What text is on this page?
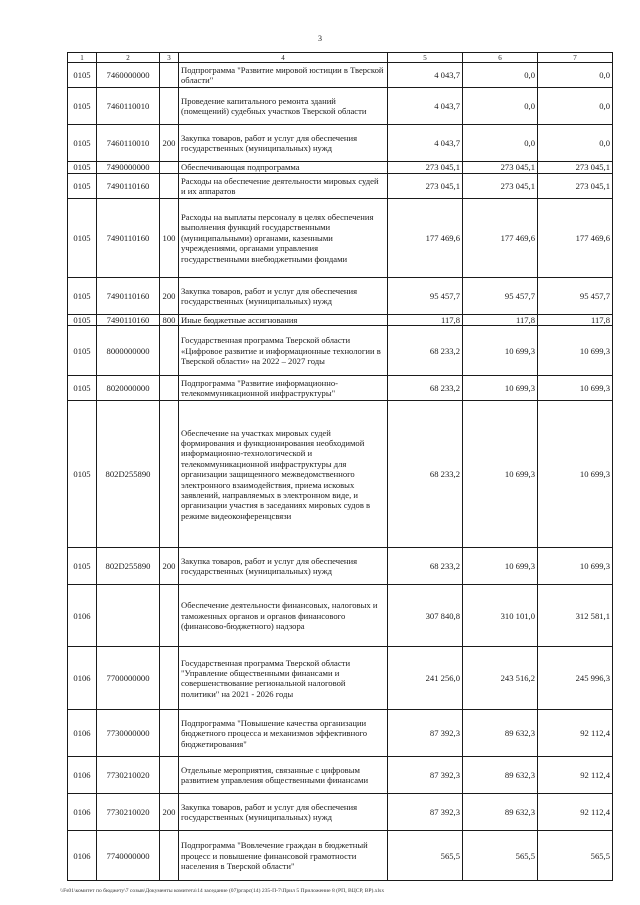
3
1	2	3	4	5	6	7
0105	7460000000		Подпрограмма "Развитие мировой юстиции в Тверской области"	4 043,7	0,0	0,0
0105	7460110010		Проведение капитального ремонта зданий (помещений) судебных участков Тверской области	4 043,7	0,0	0,0
0105	7460110010	200	Закупка товаров, работ и услуг для обеспечения государственных (муниципальных) нужд	4 043,7	0,0	0,0
0105	7490000000		Обеспечивающая подпрограмма	273 045,1	273 045,1	273 045,1
0105	7490110160		Расходы на обеспечение деятельности мировых судей и их аппаратов	273 045,1	273 045,1	273 045,1
0105	7490110160	100	Расходы на выплаты персоналу в целях обеспечения выполнения функций государственными (муниципальными) органами, казенными учреждениями, органами управления государственными внебюджетными фондами	177 469,6	177 469,6	177 469,6
0105	7490110160	200	Закупка товаров, работ и услуг для обеспечения государственных (муниципальных) нужд	95 457,7	95 457,7	95 457,7
0105	7490110160	800	Иные бюджетные ассигнования	117,8	117,8	117,8
0105	8000000000		Государственная программа Тверской области «Цифровое развитие и информационные технологии в Тверской области» на 2022 – 2027 годы	68 233,2	10 699,3	10 699,3
0105	8020000000		Подпрограмма "Развитие информационно-телекоммуникационной инфраструктуры"	68 233,2	10 699,3	10 699,3
0105	802D255890		Обеспечение на участках мировых судей формирования и функционирования необходимой информационно-технологической и телекоммуникационной инфраструктуры для организации защищенного межведомственного электронного взаимодействия, приема исковых заявлений, направляемых в электронном виде, и организации участия в заседаниях мировых судов в режиме видеоконференцсвязи	68 233,2	10 699,3	10 699,3
0105	802D255890	200	Закупка товаров, работ и услуг для обеспечения государственных (муниципальных) нужд	68 233,2	10 699,3	10 699,3
0106			Обеспечение деятельности финансовых, налоговых и таможенных органов и органов финансового (финансово-бюджетного) надзора	307 840,8	310 101,0	312 581,1
0106	7700000000		Государственная программа Тверской области "Управление общественными финансами и совершенствование региональной налоговой политики" на 2021 - 2026 годы	241 256,0	243 516,2	245 996,3
0106	7730000000		Подпрограмма "Повышение качества организации бюджетного процесса и механизмов эффективного бюджетирования"	87 392,3	89 632,3	92 112,4
0106	7730210020		Отдельные мероприятия, связанные с цифровым развитием управления общественными финансами	87 392,3	89 632,3	92 112,4
0106	7730210020	200	Закупка товаров, работ и услуг для обеспечения государственных (муниципальных) нужд	87 392,3	89 632,3	92 112,4
0106	7740000000		Подпрограмма "Вовлечение граждан в бюджетный процесс и повышение финансовой грамотности населения в Тверской области"	565,5	565,5	565,5
\\Fs01\комитет по бюджету\7 созыв\Документы комитета\14 заседание (07)ргарс(14) 235-П-7\Прил 5 Приложение 8 (РП, ВЦСР, ВР).xlsx
